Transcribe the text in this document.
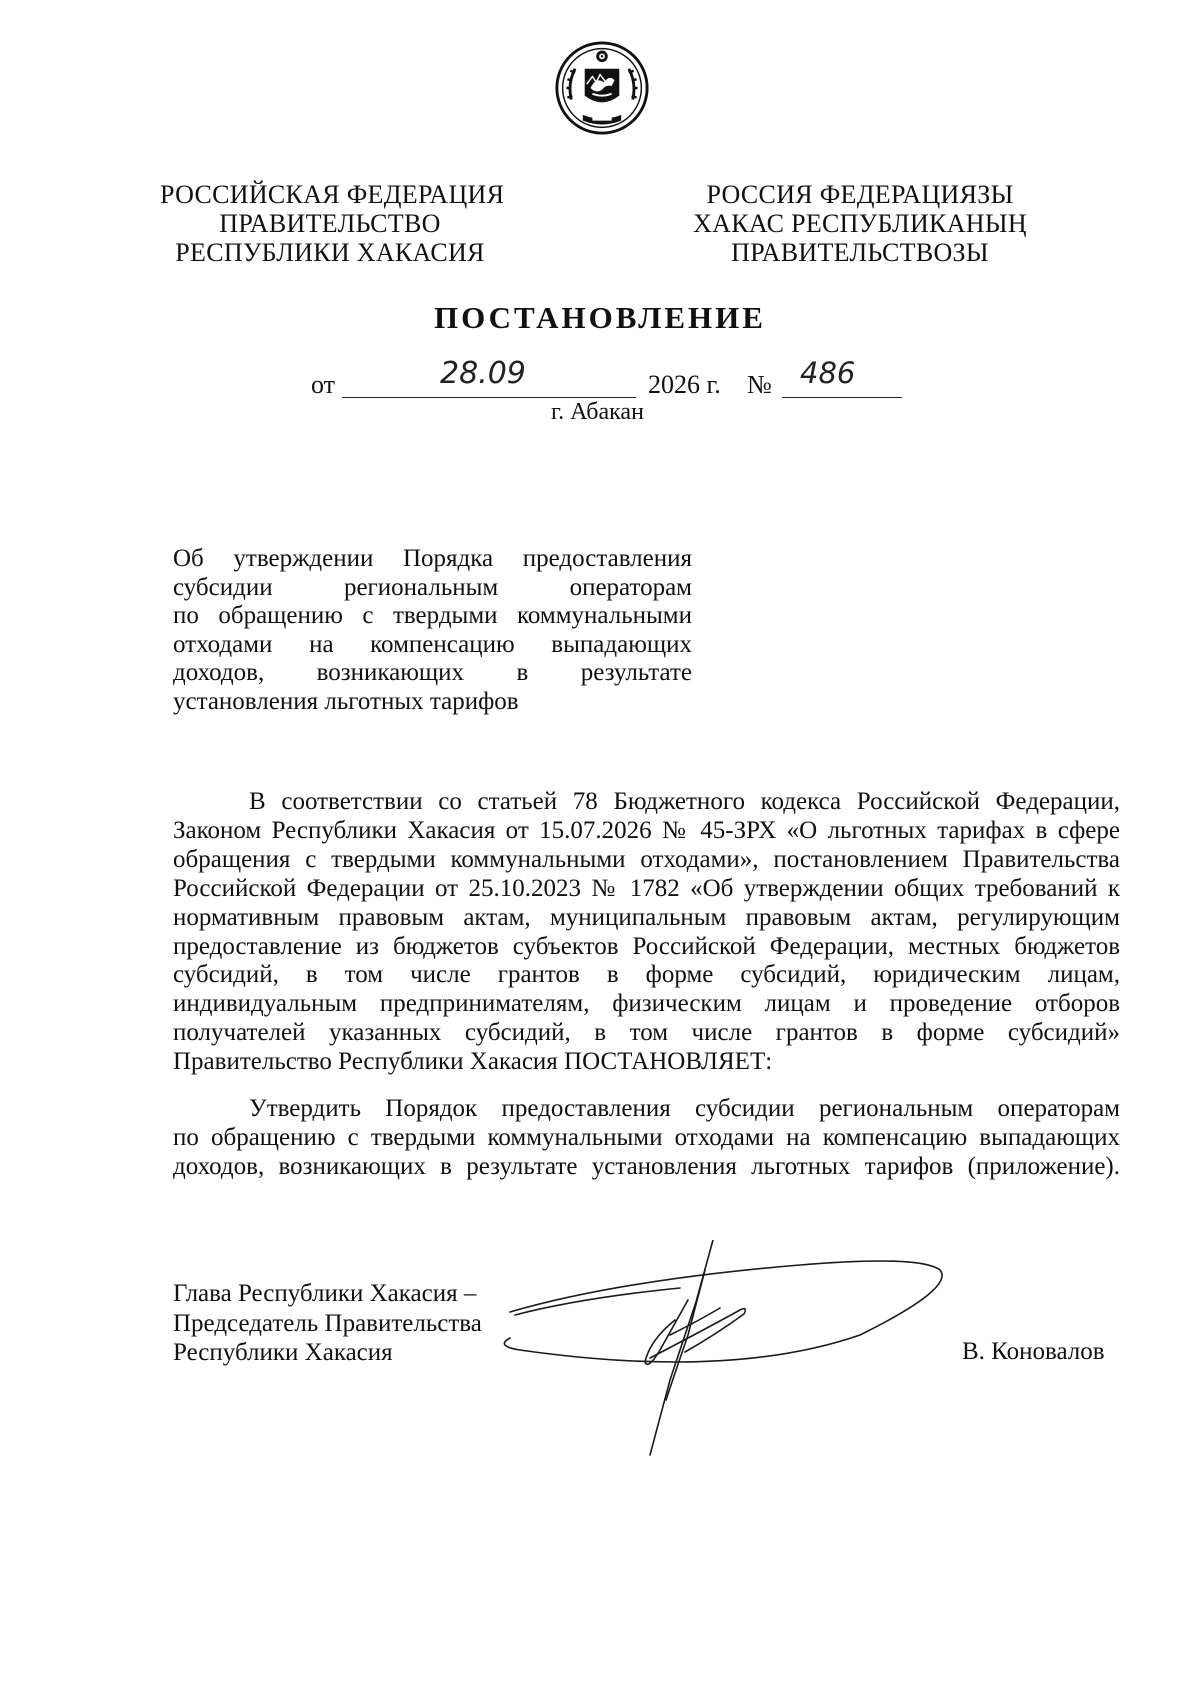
РОССИЙСКАЯ ФЕДЕРАЦИЯ
ПРАВИТЕЛЬСТВО
РЕСПУБЛИКИ ХАКАСИЯ
РОССИЯ ФЕДЕРАЦИЯЗЫ
ХАКАС РЕСПУБЛИКАНЫҢ
ПРАВИТЕЛЬСТВОЗЫ
ПОСТАНОВЛЕНИЕ
от	28.09	2026 г. № 486
г. Абакан
Об утверждении Порядка предоставления
субсидии региональным операторам
по обращению с твердыми коммунальными
отходами на компенсацию выпадающих
доходов, возникающих в результате
установления льготных тарифов
В соответствии со статьей 78 Бюджетного кодекса Российской Федерации,
Законом Республики Хакасия от 15.07.2026 № 45-ЗРХ «О льготных тарифах в сфере
обращения с твердыми коммунальными отходами», постановлением Правительства
Российской Федерации от 25.10.2023 № 1782 «Об утверждении общих требований к
нормативным правовым актам, муниципальным правовым актам, регулирующим
предоставление из бюджетов субъектов Российской Федерации, местных бюджетов
субсидий, в том числе грантов в форме субсидий, юридическим лицам,
индивидуальным предпринимателям, физическим лицам и проведение отборов
получателей указанных субсидий, в том числе грантов в форме субсидий»
Правительство Республики Хакасия ПОСТАНОВЛЯЕТ:
Утвердить Порядок предоставления субсидии региональным операторам
по обращению с твердыми коммунальными отходами на компенсацию выпадающих
доходов, возникающих в результате установления льготных тарифов (приложение).
Глава Республики Хакасия –
Председатель Правительства
Республики Хакасия	В. Коновалов
